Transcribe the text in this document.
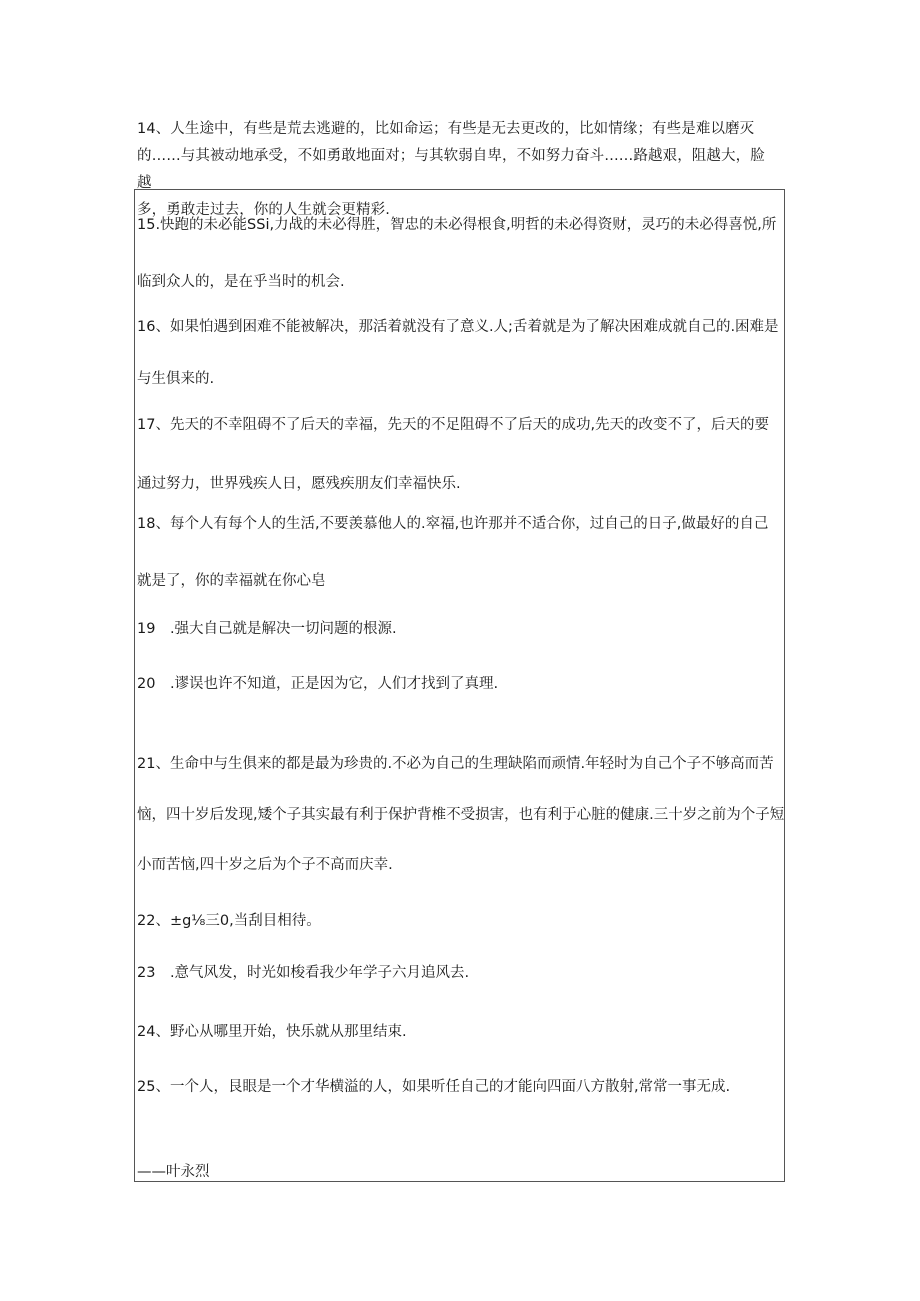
14、人生途中，有些是荒去逃避的，比如命运；有些是无去更改的，比如情缘；有些是难以磨灭
的……与其被动地承受，不如勇敢地面对；与其软弱自卑，不如努力奋斗……路越艰，阻越大，脸越
多，勇敢走过去，你的人生就会更精彩.
15.快跑的未必能SSi,力战的未必得胜，智忠的未必得根食,明哲的未必得资财，灵巧的未必得喜悦,所
临到众人的，是在乎当时的机会.
16、如果怕遇到困难不能被解决，那活着就没有了意义.人;舌着就是为了解决困难成就自己的.困难是
与生俱来的.
17、先天的不幸阻碍不了后天的幸福，先天的不足阻碍不了后天的成功,先天的改变不了，后天的要
通过努力，世界残疾人日，愿残疾朋友们幸福快乐.
18、每个人有每个人的生活,不要羡慕他人的.窣福,也许那并不适合你，过自己的日子,做最好的自己
就是了，你的幸福就在你心皂
19　.强大自己就是解决一切问题的根源.
20　.谬误也许不知道，正是因为它，人们才找到了真理.
21、生命中与生俱来的都是最为珍贵的.不必为自己的生理缺陷而顽情.年轻时为自己个子不够高而苦
恼，四十岁后发现,矮个子其实最有利于保护背椎不受损害，也有利于心脏的健康.三十岁之前为个子短
小而苦恼,四十岁之后为个子不高而庆幸.
22、±g⅛三0,当刮目相待。
23　.意气风发，时光如梭看我少年学子六月追风去.
24、野心从哪里开始，快乐就从那里结束.
25、一个人，艮眼是一个才华横溢的人，如果听任自己的才能向四面八方散射,常常一事无成.
——叶永烈
